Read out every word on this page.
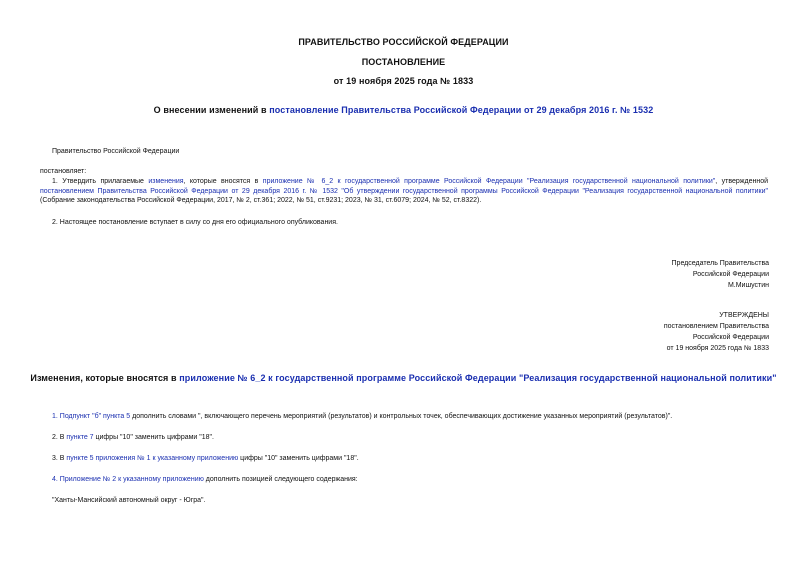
ПРАВИТЕЛЬСТВО РОССИЙСКОЙ ФЕДЕРАЦИИ
ПОСТАНОВЛЕНИЕ
от 19 ноября 2025 года № 1833
О внесении изменений в постановление Правительства Российской Федерации от 29 декабря 2016 г. № 1532
Правительство Российской Федерации
постановляет:
1. Утвердить прилагаемые изменения, которые вносятся в приложение № 6_2 к государственной программе Российской Федерации "Реализация государственной национальной политики", утвержденной постановлением Правительства Российской Федерации от 29 декабря 2016 г. № 1532 "Об утверждении государственной программы Российской Федерации "Реализация государственной национальной политики" (Собрание законодательства Российской Федерации, 2017, № 2, ст.361; 2022, № 51, ст.9231; 2023, № 31, ст.6079; 2024, № 52, ст.8322).
2. Настоящее постановление вступает в силу со дня его официального опубликования.
Председатель Правительства
Российской Федерации
М.Мишустин
УТВЕРЖДЕНЫ
постановлением Правительства
Российской Федерации
от 19 ноября 2025 года № 1833
Изменения, которые вносятся в приложение № 6_2 к государственной программе Российской Федерации "Реализация государственной национальной политики"
1. Подпункт "б" пункта 5 дополнить словами ", включающего перечень мероприятий (результатов) и контрольных точек, обеспечивающих достижение указанных мероприятий (результатов)".
2. В пункте 7 цифры "10" заменить цифрами "18".
3. В пункте 5 приложения № 1 к указанному приложению цифры "10" заменить цифрами "18".
4. Приложение № 2 к указанному приложению дополнить позицией следующего содержания:
"Ханты-Мансийский автономный округ - Югра".
